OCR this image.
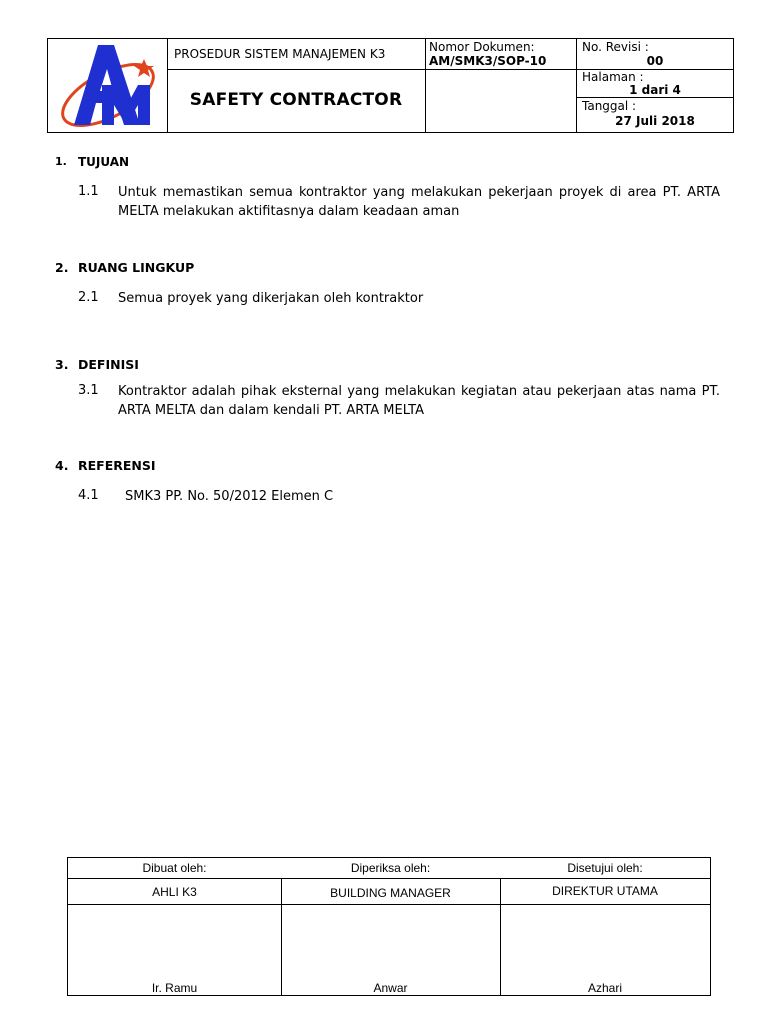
PROSEDUR SISTEM MANAJEMEN K3
SAFETY CONTRACTOR
Nomor Dokumen:
AM/SMK3/SOP-10
No. Revisi :
00
Halaman :
1 dari 4
Tanggal :
27 Juli 2018
1. TUJUAN
1.1 Untuk memastikan semua kontraktor yang melakukan pekerjaan proyek di area PT. ARTA MELTA melakukan aktifitasnya dalam keadaan aman
2. RUANG LINGKUP
2.1 Semua proyek yang dikerjakan oleh kontraktor
3. DEFINISI
3.1 Kontraktor adalah pihak eksternal yang melakukan kegiatan atau pekerjaan atas nama PT. ARTA MELTA dan dalam kendali PT. ARTA MELTA
4. REFERENSI
4.1 SMK3 PP. No. 50/2012 Elemen C
Dibuat oleh:	Diperiksa oleh:	Disetujui oleh:
AHLI K3	BUILDING MANAGER	DIREKTUR UTAMA
Ir. Ramu	Anwar	Azhari
